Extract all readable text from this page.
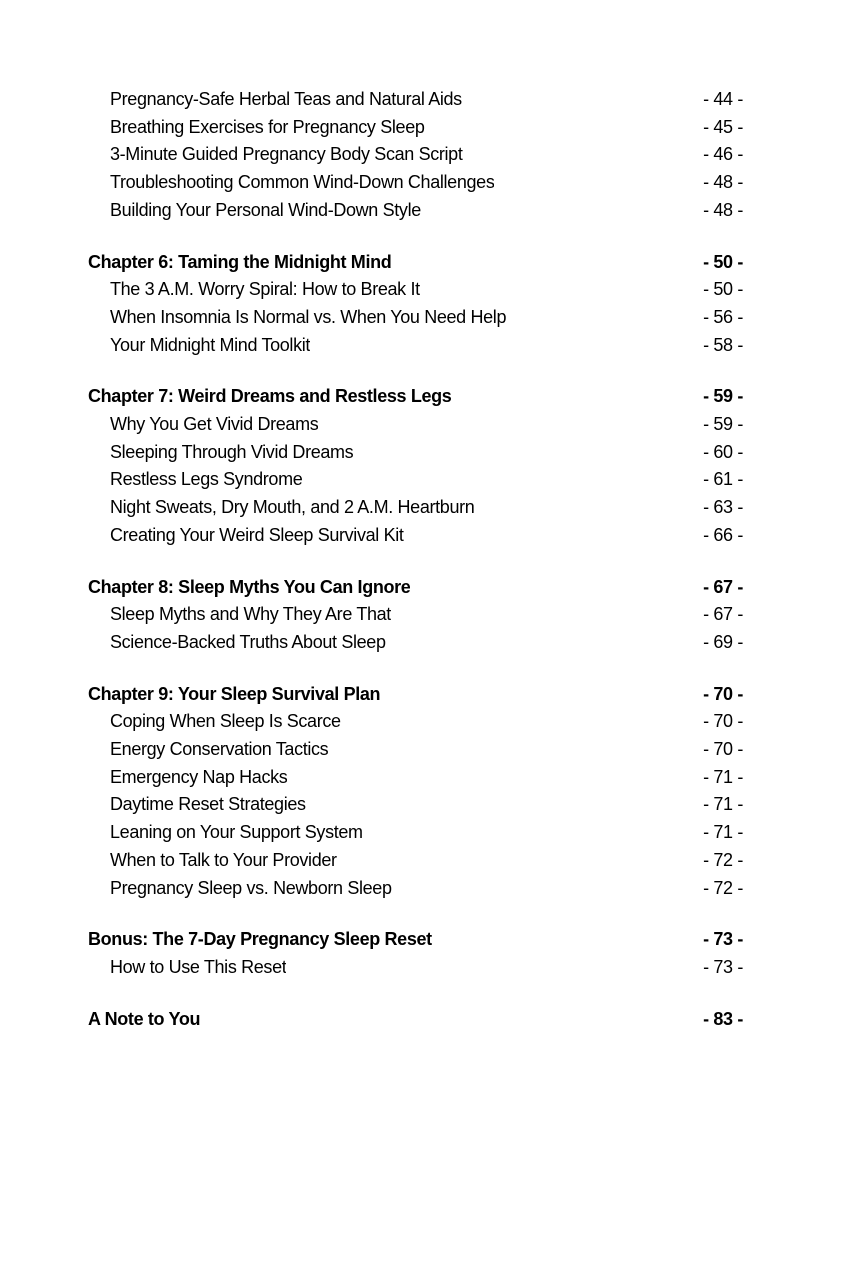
Pregnancy-Safe Herbal Teas and Natural Aids	- 44 -
Breathing Exercises for Pregnancy Sleep	- 45 -
3-Minute Guided Pregnancy Body Scan Script	- 46 -
Troubleshooting Common Wind-Down Challenges	- 48 -
Building Your Personal Wind-Down Style	- 48 -
Chapter 6: Taming the Midnight Mind	- 50 -
The 3 A.M. Worry Spiral: How to Break It	- 50 -
When Insomnia Is Normal vs. When You Need Help	- 56 -
Your Midnight Mind Toolkit	- 58 -
Chapter 7: Weird Dreams and Restless Legs	- 59 -
Why You Get Vivid Dreams	- 59 -
Sleeping Through Vivid Dreams	- 60 -
Restless Legs Syndrome	- 61 -
Night Sweats, Dry Mouth, and 2 A.M. Heartburn	- 63 -
Creating Your Weird Sleep Survival Kit	- 66 -
Chapter 8: Sleep Myths You Can Ignore	- 67 -
Sleep Myths and Why They Are That	- 67 -
Science-Backed Truths About Sleep	- 69 -
Chapter 9: Your Sleep Survival Plan	- 70 -
Coping When Sleep Is Scarce	- 70 -
Energy Conservation Tactics	- 70 -
Emergency Nap Hacks	- 71 -
Daytime Reset Strategies	- 71 -
Leaning on Your Support System	- 71 -
When to Talk to Your Provider	- 72 -
Pregnancy Sleep vs. Newborn Sleep	- 72 -
Bonus: The 7-Day Pregnancy Sleep Reset	- 73 -
How to Use This Reset	- 73 -
A Note to You	- 83 -
